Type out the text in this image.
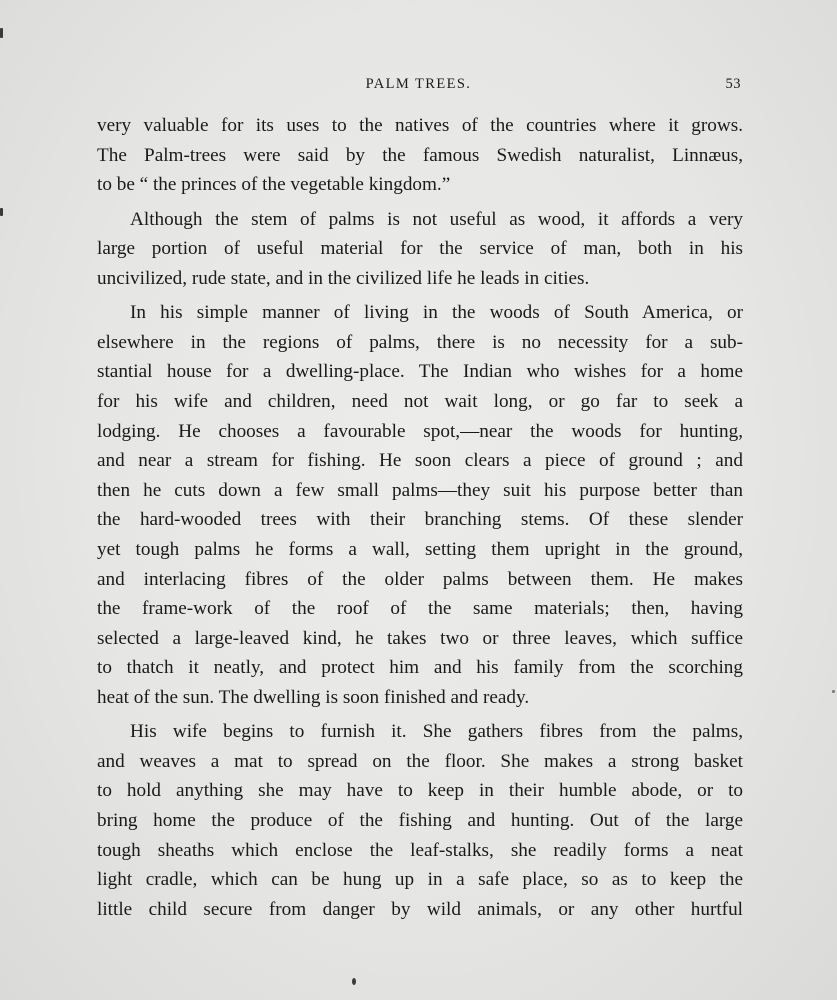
PALM TREES.	53
very valuable for its uses to the natives of the countries where it grows.
The Palm-trees were said by the famous Swedish naturalist, Linnæus,
to be “ the princes of the vegetable kingdom.”
Although the stem of palms is not useful as wood, it affords a very
large portion of useful material for the service of man, both in his
uncivilized, rude state, and in the civilized life he leads in cities.
In his simple manner of living in the woods of South America, or
elsewhere in the regions of palms, there is no necessity for a sub-
stantial house for a dwelling-place. The Indian who wishes for a home
for his wife and children, need not wait long, or go far to seek a
lodging. He chooses a favourable spot,—near the woods for hunting,
and near a stream for fishing. He soon clears a piece of ground ; and
then he cuts down a few small palms—they suit his purpose better than
the hard-wooded trees with their branching stems. Of these slender
yet tough palms he forms a wall, setting them upright in the ground,
and interlacing fibres of the older palms between them. He makes
the frame-work of the roof of the same materials; then, having
selected a large-leaved kind, he takes two or three leaves, which suffice
to thatch it neatly, and protect him and his family from the scorching
heat of the sun. The dwelling is soon finished and ready.
His wife begins to furnish it. She gathers fibres from the palms,
and weaves a mat to spread on the floor. She makes a strong basket
to hold anything she may have to keep in their humble abode, or to
bring home the produce of the fishing and hunting. Out of the large
tough sheaths which enclose the leaf-stalks, she readily forms a neat
light cradle, which can be hung up in a safe place, so as to keep the
little child secure from danger by wild animals, or any other hurtful
